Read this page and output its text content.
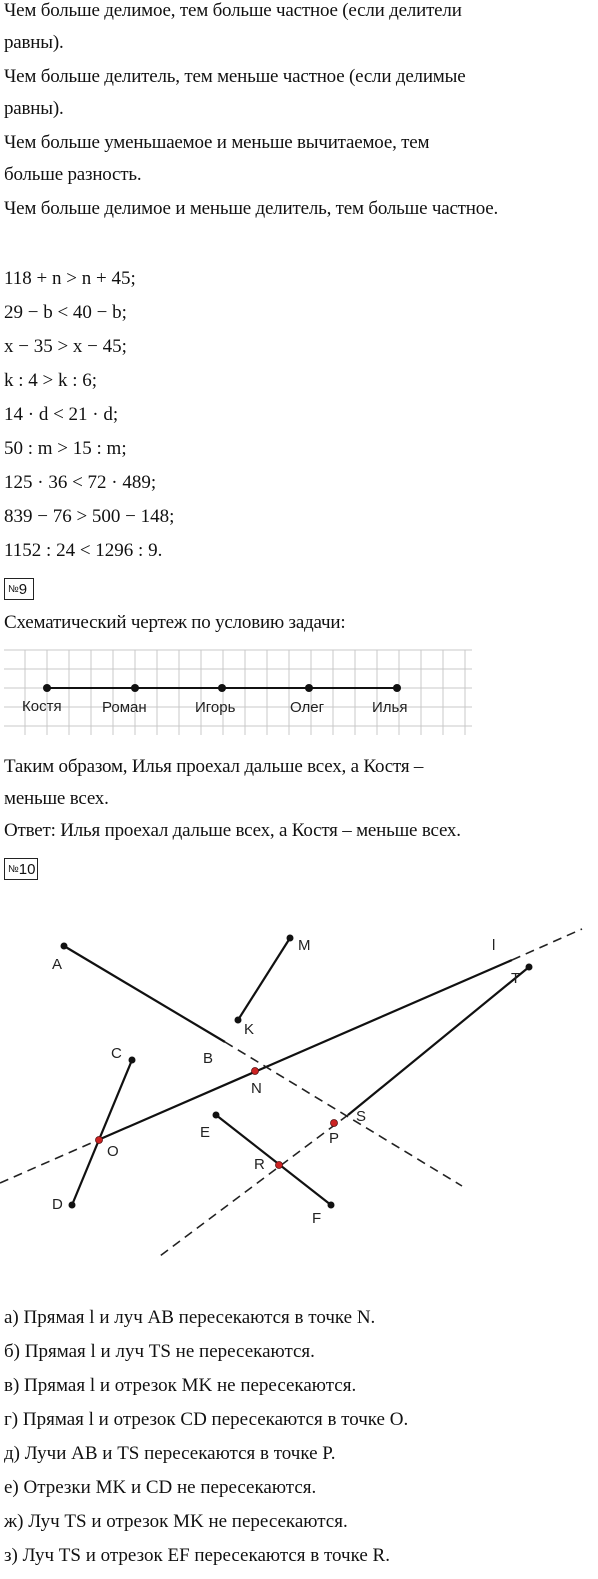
Чем больше делимое, тем больше частное (если делители
равны).
Чем больше делитель, тем меньше частное (если делимые
равны).
Чем больше уменьшаемое и меньше вычитаемое, тем
больше разность.
Чем больше делимое и меньше делитель, тем больше частное.
118 + n > n + 45;
29 − b < 40 − b;
x − 35 > x − 45;
k : 4 > k : 6;
14 · d < 21 · d;
50 : m > 15 : m;
125 · 36 < 72 · 489;
839 − 76 > 500 − 148;
1152 : 24 < 1296 : 9.
№9
Схематический чертеж по условию задачи:
Костя	Роман	Игорь	Олег	Илья
Таким образом, Илья проехал дальше всех, а Костя –
меньше всех.
Ответ: Илья проехал дальше всех, а Костя – меньше всех.
№10
A
M
K
l
T
B
C
N
S
E
O
P
R
D
F
а) Прямая l и луч AB пересекаются в точке N.
б) Прямая l и луч TS не пересекаются.
в) Прямая l и отрезок MK не пересекаются.
г) Прямая l и отрезок CD пересекаются в точке O.
д) Лучи AB и TS пересекаются в точке P.
е) Отрезки MK и CD не пересекаются.
ж) Луч TS и отрезок MK не пересекаются.
з) Луч TS и отрезок EF пересекаются в точке R.
